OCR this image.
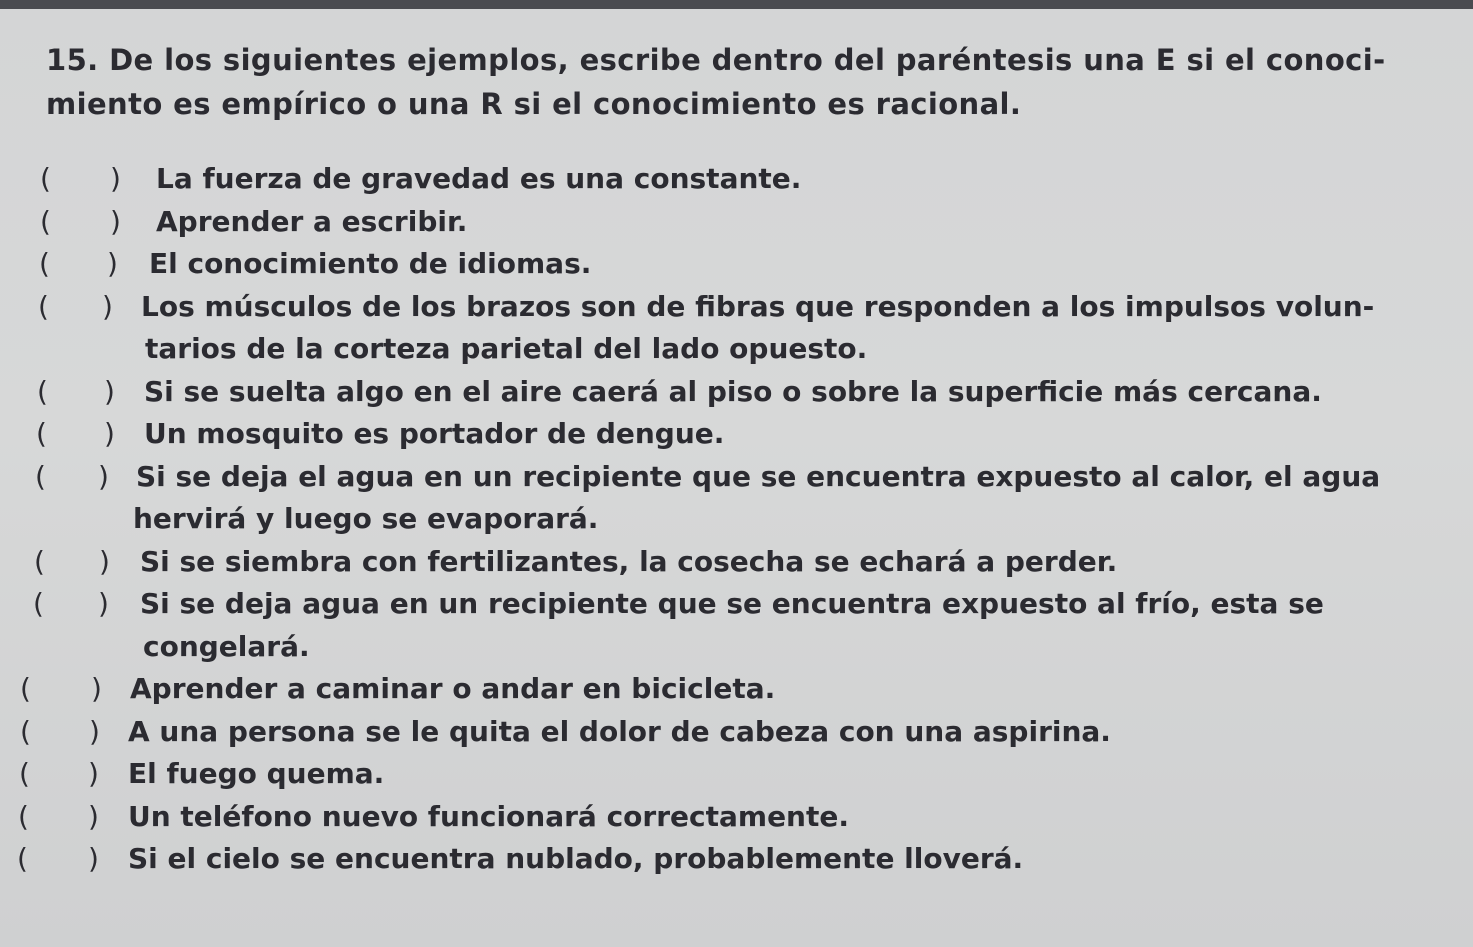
15. De los siguientes ejemplos, escribe dentro del paréntesis una E si el conoci-
miento es empírico o una R si el conocimiento es racional.
( ) La fuerza de gravedad es una constante.
( ) Aprender a escribir.
( ) El conocimiento de idiomas.
( ) Los músculos de los brazos son de fibras que responden a los impulsos volun-
tarios de la corteza parietal del lado opuesto.
( ) Si se suelta algo en el aire caerá al piso o sobre la superficie más cercana.
( ) Un mosquito es portador de dengue.
( ) Si se deja el agua en un recipiente que se encuentra expuesto al calor, el agua
hervirá y luego se evaporará.
( ) Si se siembra con fertilizantes, la cosecha se echará a perder.
( ) Si se deja agua en un recipiente que se encuentra expuesto al frío, esta se
congelará.
( ) Aprender a caminar o andar en bicicleta.
( ) A una persona se le quita el dolor de cabeza con una aspirina.
( ) El fuego quema.
( ) Un teléfono nuevo funcionará correctamente.
( ) Si el cielo se encuentra nublado, probablemente lloverá.
